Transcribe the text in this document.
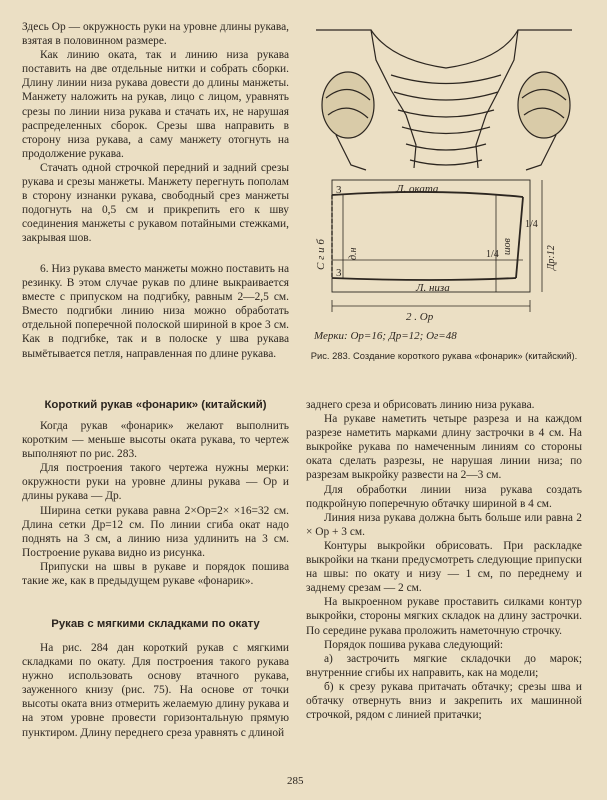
Здесь Ор — окружность руки на уровне длины рукава, взятая в половинном размере.

Как линию оката, так и линию низа рукава поставить на две отдельные нитки и собрать сборки. Длину линии низа рукава довести до длины манжеты. Манжету наложить на рукав, лицо с лицом, уравнять срезы по линии низа рукава и стачать их, не нарушая распределенных сборок. Срезы шва направить в сторону низа рукава, а саму манжету отогнуть на продолжение рукава.

Стачать одной строчкой передний и задний срезы рукава и срезы манжеты. Манжету перегнуть пополам в сторону изнанки рукава, свободный срез манжеты подогнуть на 0,5 см и прикрепить его к шву соединения манжеты с рукавом потайными стежками, закрывая шов.

Л. оката
3
3
1/4
1/4
Л. низа
2 . Ор
С г и б д.н	шов	Др:12
Мерки: Ор=16; Др=12; Ог=48
Рис. 283. Создание короткого рукава «фонарик» (китайский).

6. Низ рукава вместо манжеты можно поставить на резинку. В этом случае рукав по длине выкраивается вместе с припуском на подгибку, равным 2—2,5 см. Вместо подгибки линию низа можно обработать отдельной поперечной полоской шириной в крое 3 см. Как в подгибке, так и в полоске у шва рукава вымётывается петля, направленная по длине рукава.

Короткий рукав «фонарик» (китайский)

Когда рукав «фонарик» желают выполнить коротким — меньше высоты оката рукава, то чертеж выполняют по рис. 283.

Для построения такого чертежа нужны мерки: окружности руки на уровне длины рукава — Ор и длины рукава — Др.

Ширина сетки рукава равна 2×Ор=2× ×16=32 см. Длина сетки Др=12 см. По линии сгиба окат надо поднять на 3 см, а линию низа удлинить на 3 см. Построение рукава видно из рисунка.

Припуски на швы в рукаве и порядок пошива такие же, как в предыдущем рукаве «фонарик».

Рукав с мягкими складками по окату

На рис. 284 дан короткий рукав с мягкими складками по окату. Для построения такого рукава нужно использовать основу втачного рукава, зауженного книзу (рис. 75). На основе от точки высоты оката вниз отмерить желаемую длину рукава и на этом уровне провести горизонтальную прямую пунктиром. Длину переднего среза уравнять с длиной

заднего среза и обрисовать линию низа рукава.

На рукаве наметить четыре разреза и на каждом разрезе наметить марками длину застрочки в 4 см. На выкройке рукава по намеченным линиям со стороны оката сделать разрезы, не нарушая линии низа; по разрезам выкройку развести на 2—3 см.

Для обработки линии низа рукава создать подкройную поперечную обтачку шириной в 4 см.

Линия низа рукава должна быть больше или равна 2 × Ор + 3 см.

Контуры выкройки обрисовать. При раскладке выкройки на ткани предусмотреть следующие припуски на швы: по окату и низу — 1 см, по переднему и заднему срезам — 2 см.

На выкроенном рукаве проставить силками контур выкройки, стороны мягких складок на длину застрочки. По середине рукава проложить наметочную строчку.

Порядок пошива рукава следующий:

а) застрочить мягкие складочки до марок; внутренние сгибы их направить, как на модели;

б) к срезу рукава притачать обтачку; срезы шва и обтачку отвернуть вниз и закрепить их машинной строчкой, рядом с линией притачки;

285
